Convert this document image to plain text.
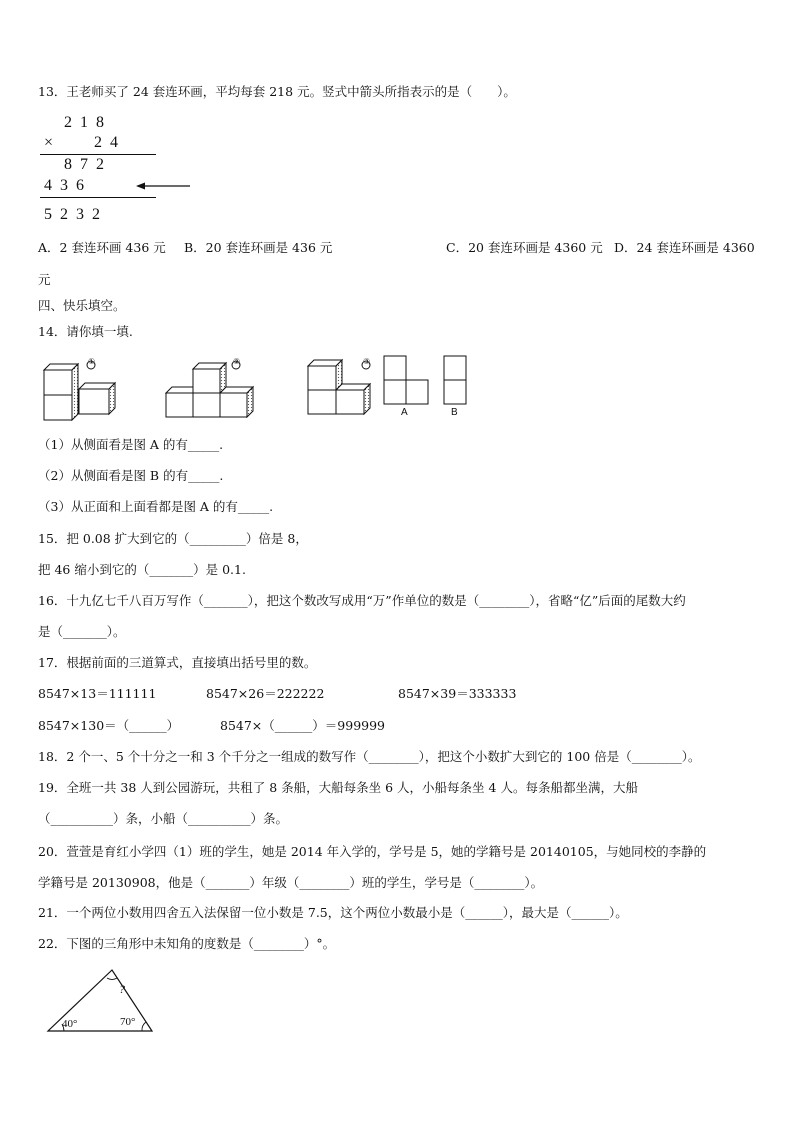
13．王老师买了 24 套连环画，平均每套 218 元。竖式中箭头所指表示的是（　　）。
2 1 8
×	2 4
8 7 2
4 3 6
5 2 3 2
A．2 套连环画 436 元 B．20 套连环画是 436 元	C．20 套连环画是 4360 元 D．24 套连环画是 4360
元
四、快乐填空。
14．请你填一填.
①	②	③
A	B
（1）从侧面看是图 A 的有_____.
（2）从侧面看是图 B 的有_____.
（3）从正面和上面看都是图 A 的有_____.
15．把 0.08 扩大到它的（_________）倍是 8，
把 46 缩小到它的（_______）是 0.1.
16．十九亿七千八百万写作（_______），把这个数改写成用“万”作单位的数是（________），省略“亿”后面的尾数大约
是（_______）。
17．根据前面的三道算式，直接填出括号里的数。
8547×13＝111111	8547×26＝222222	8547×39＝333333
8547×130＝（______）	8547×（______）＝999999
18．2 个一、5 个十分之一和 3 个千分之一组成的数写作（________），把这个小数扩大到它的 100 倍是（________）。
19．全班一共 38 人到公园游玩，共租了 8 条船，大船每条坐 6 人，小船每条坐 4 人。每条船都坐满，大船
（__________）条，小船（__________）条。
20．萱萱是育红小学四（1）班的学生，她是 2014 年入学的，学号是 5，她的学籍号是 20140105，与她同校的李静的
学籍号是 20130908，他是（_______）年级（________）班的学生，学号是（________）。
21．一个两位小数用四舍五入法保留一位小数是 7.5，这个两位小数最小是（______），最大是（______）。
22．下图的三角形中未知角的度数是（________）°。
40°	70°
?
